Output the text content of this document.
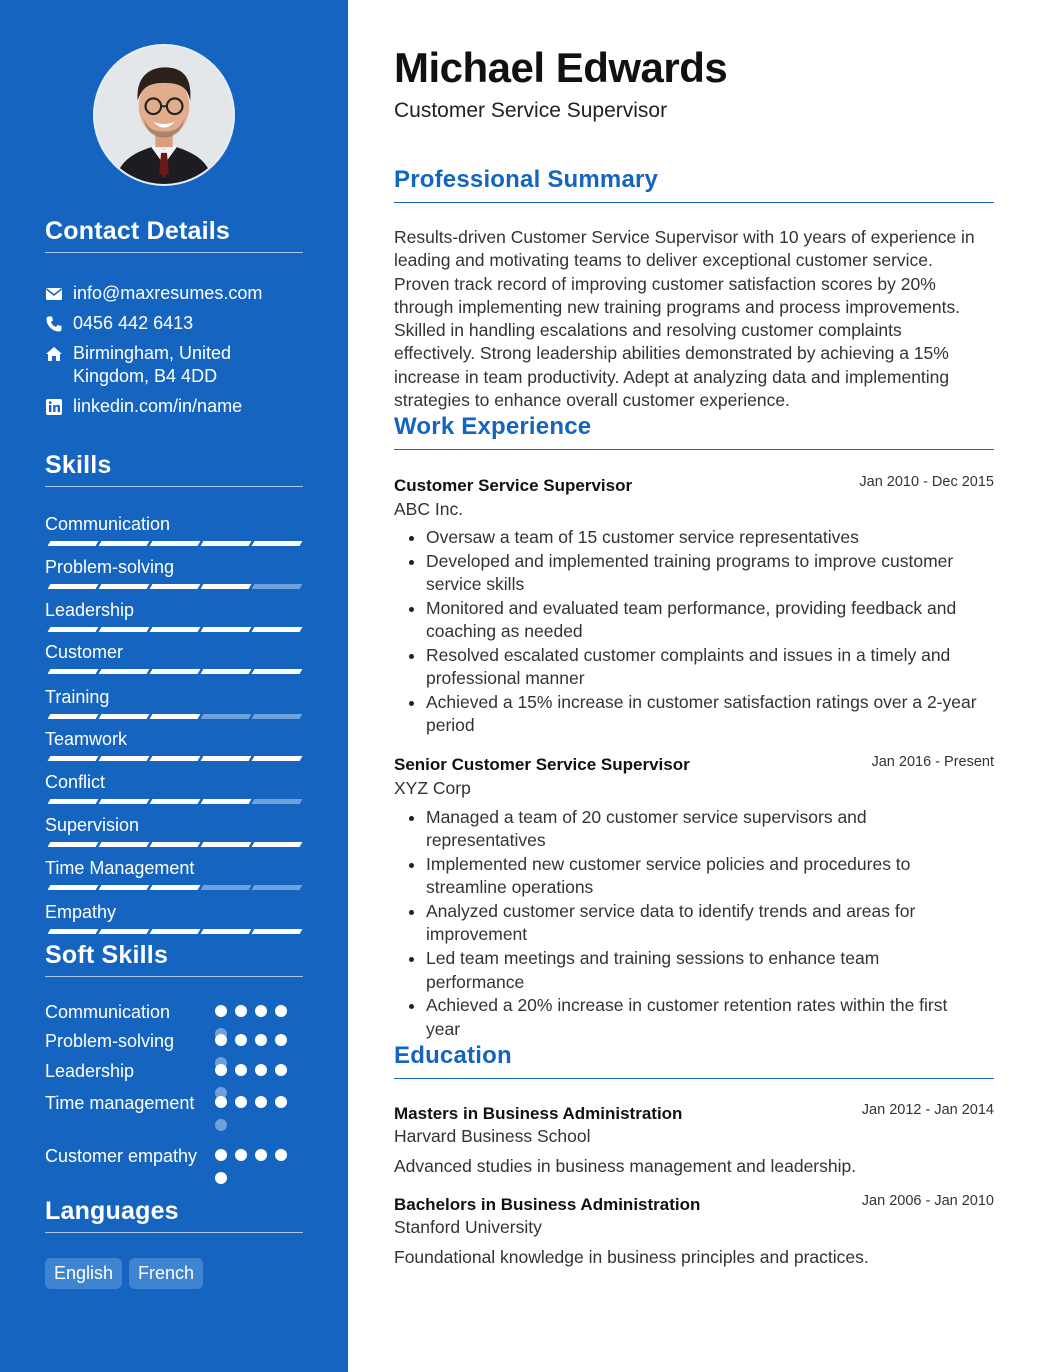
Contact Details
info@maxresumes.com
0456 442 6413
Birmingham, United
Kingdom, B4 4DD
linkedin.com/in/name
Skills
Communication
Problem-solving
Leadership
Customer
Training
Teamwork
Conflict
Supervision
Time Management
Empathy
Soft Skills
Communication
Problem-solving
Leadership
Time management
Customer empathy
Languages
English	French
Michael Edwards
Customer Service Supervisor
Professional Summary
Results-driven Customer Service Supervisor with 10 years of experience in
leading and motivating teams to deliver exceptional customer service.
Proven track record of improving customer satisfaction scores by 20%
through implementing new training programs and process improvements.
Skilled in handling escalations and resolving customer complaints
effectively. Strong leadership abilities demonstrated by achieving a 15%
increase in team productivity. Adept at analyzing data and implementing
strategies to enhance overall customer experience.
Work Experience
Customer Service Supervisor	Jan 2010 - Dec 2015
ABC Inc.
Oversaw a team of 15 customer service representatives
Developed and implemented training programs to improve customer
service skills
Monitored and evaluated team performance, providing feedback and
coaching as needed
Resolved escalated customer complaints and issues in a timely and
professional manner
Achieved a 15% increase in customer satisfaction ratings over a 2-year
period
Senior Customer Service Supervisor	Jan 2016 - Present
XYZ Corp
Managed a team of 20 customer service supervisors and
representatives
Implemented new customer service policies and procedures to
streamline operations
Analyzed customer service data to identify trends and areas for
improvement
Led team meetings and training sessions to enhance team
performance
Achieved a 20% increase in customer retention rates within the first
year
Education
Masters in Business Administration	Jan 2012 - Jan 2014
Harvard Business School
Advanced studies in business management and leadership.
Bachelors in Business Administration	Jan 2006 - Jan 2010
Stanford University
Foundational knowledge in business principles and practices.
